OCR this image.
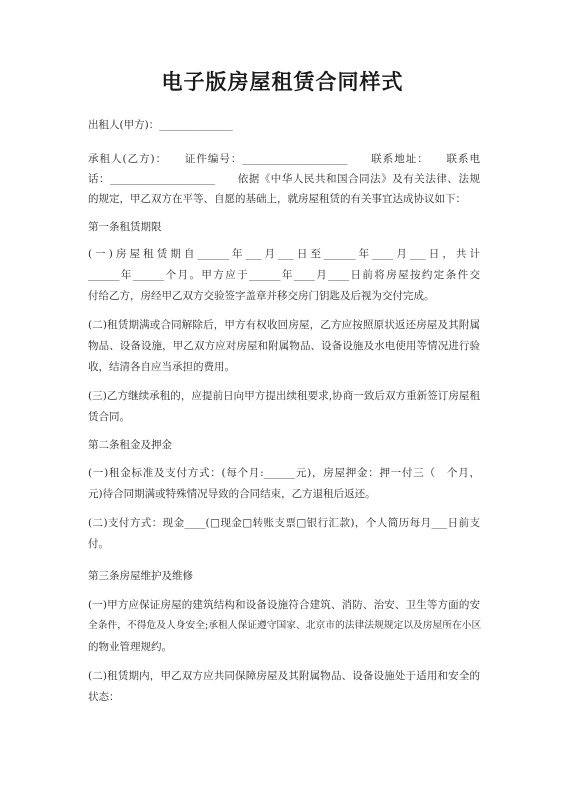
电子版房屋租赁合同样式
出租人(甲方)：______________
承租人(乙方)：　　证件编号：____________________　　联系地址：　　联系电
话：____________________　　依据《中华人民共和国合同法》及有关法律、法规
的规定，甲乙双方在平等、自愿的基础上，就房屋租赁的有关事宜达成协议如下：
第一条租赁期限
(一)房屋租赁期自______年___月___日至______年____月___日，共计
______年______个月。甲方应于______年____月____日前将房屋按约定条件交
付给乙方，房经甲乙双方交验签字盖章并移交房门钥匙及后视为交付完成。
(二)租赁期满或合同解除后，甲方有权收回房屋，乙方应按照原状返还房屋及其附属
物品、设备设施，甲乙双方应对房屋和附属物品、设备设施及水电使用等情况进行验
收，结清各自应当承担的费用。
(三)乙方继续承租的，应提前日向甲方提出续租要求,协商一致后双方重新签订房屋租
赁合同。
第二条租金及押金
(一)租金标准及支付方式：(每个月:______元)，房屋押金：押一付三（　个月，
元)待合同期满或特殊情况导致的合同结束，乙方退租后返还。
(二)支付方式：现金____(□现金□转账支票□银行汇款)，个人简历每月___日前支
付。
第三条房屋维护及维修
(一)甲方应保证房屋的建筑结构和设备设施符合建筑、消防、治安、卫生等方面的安
全条件，不得危及人身安全;承租人保证遵守国家、北京市的法律法规规定以及房屋所在小区
的物业管理规约。
(二)租赁期内，甲乙双方应共同保障房屋及其附属物品、设备设施处于适用和安全的
状态：
